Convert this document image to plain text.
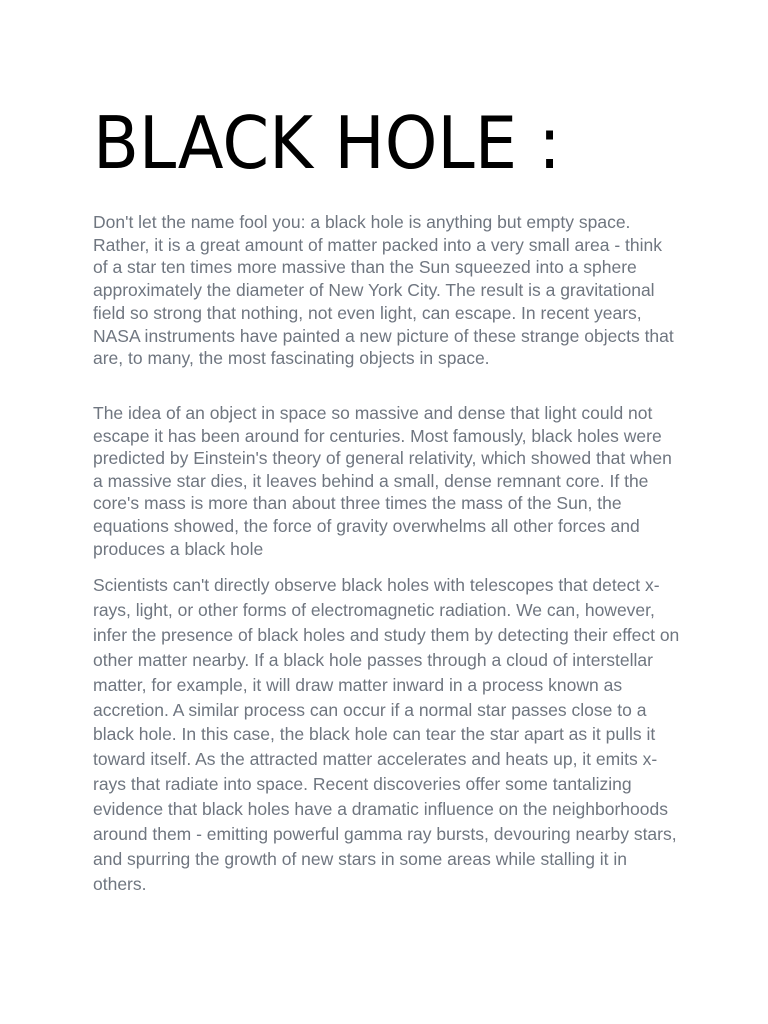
BLACK HOLE :

Don't let the name fool you: a black hole is anything but empty space. Rather, it is a great amount of matter packed into a very small area - think of a star ten times more massive than the Sun squeezed into a sphere approximately the diameter of New York City. The result is a gravitational field so strong that nothing, not even light, can escape. In recent years, NASA instruments have painted a new picture of these strange objects that are, to many, the most fascinating objects in space.

The idea of an object in space so massive and dense that light could not escape it has been around for centuries. Most famously, black holes were predicted by Einstein's theory of general relativity, which showed that when a massive star dies, it leaves behind a small, dense remnant core. If the core's mass is more than about three times the mass of the Sun, the equations showed, the force of gravity overwhelms all other forces and produces a black hole

Scientists can't directly observe black holes with telescopes that detect x-rays, light, or other forms of electromagnetic radiation. We can, however, infer the presence of black holes and study them by detecting their effect on other matter nearby. If a black hole passes through a cloud of interstellar matter, for example, it will draw matter inward in a process known as accretion. A similar process can occur if a normal star passes close to a black hole. In this case, the black hole can tear the star apart as it pulls it toward itself. As the attracted matter accelerates and heats up, it emits x-rays that radiate into space. Recent discoveries offer some tantalizing evidence that black holes have a dramatic influence on the neighborhoods around them - emitting powerful gamma ray bursts, devouring nearby stars, and spurring the growth of new stars in some areas while stalling it in others.
